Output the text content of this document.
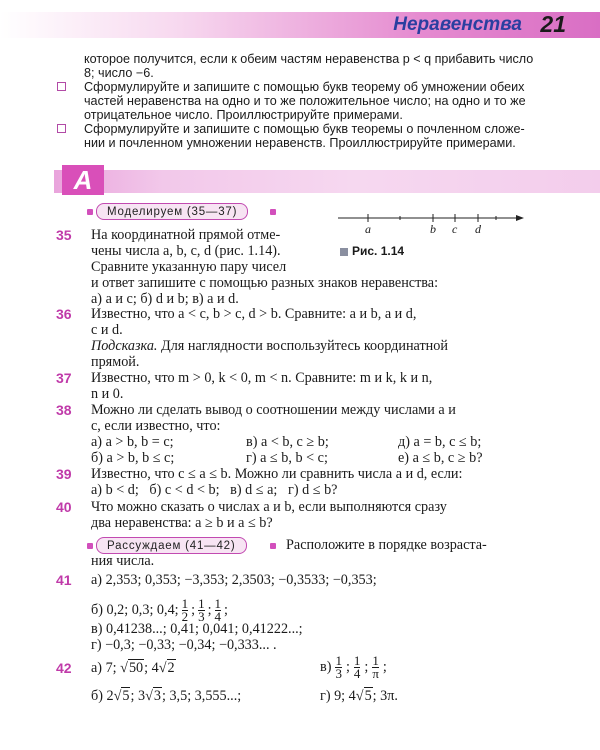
Неравенства 21
которое получится, если к обеим частям неравенства p < q прибавить число
8; число −6.
Сформулируйте и запишите с помощью букв теорему об умножении обеих
частей неравенства на одно и то же положительное число; на одно и то же
отрицательное число. Проиллюстрируйте примерами.
Сформулируйте и запишите с помощью букв теоремы о почленном сложе-
нии и почленном умножении неравенств. Проиллюстрируйте примерами.
A
Моделируем (35—37)
a	b c d
Рис. 1.14
35 На координатной прямой отме-
чены числа a, b, c, d (рис. 1.14).
Сравните указанную пару чисел
и ответ запишите с помощью разных знаков неравенства:
а) a и c; б) d и b; в) a и d.
36 Известно, что a < c, b > c, d > b. Сравните: a и b, a и d,
c и d.
Подсказка. Для наглядности воспользуйтесь координатной
прямой.
37 Известно, что m > 0, k < 0, m < n. Сравните: m и k, k и n,
n и 0.
38 Можно ли сделать вывод о соотношении между числами a и
c, если известно, что:
а) a > b, b = c;	в) a < b, c ≥ b;	д) a = b, c ≤ b;
б) a > b, b ≤ c;	г) a ≤ b, b < c;	е) a ≤ b, c ≥ b?
39 Известно, что c ≤ a ≤ b. Можно ли сравнить числа a и d, если:
а) b < d;   б) c < d < b;   в) d ≤ a;   г) d ≤ b?
40 Что можно сказать о числах a и b, если выполняются сразу
два неравенства: a ≥ b и a ≤ b?
Рассуждаем (41—42)	Расположите в порядке возраста-
ния числа.
41 а) 2,353; 0,353; −3,353; 2,3503; −0,3533; −0,353;
б) 0,2; 0,3; 0,4; $\frac{1}{2}$ ; $\frac{1}{3}$ ; $\frac{1}{4}$ ;
в) 0,41238...; 0,41; 0,041; 0,41222...;
г) −0,3; −0,33; −0,34; −0,333... .
42 а) 7; √50; 4√2	$в) \frac{1}{3}$ ; $\frac{1}{4}$ ; $\frac{1}{\pi}$ ;
б) 2√5; 3√3; 3,5; 3,555...;	г) 9; 4√5; 3π.
